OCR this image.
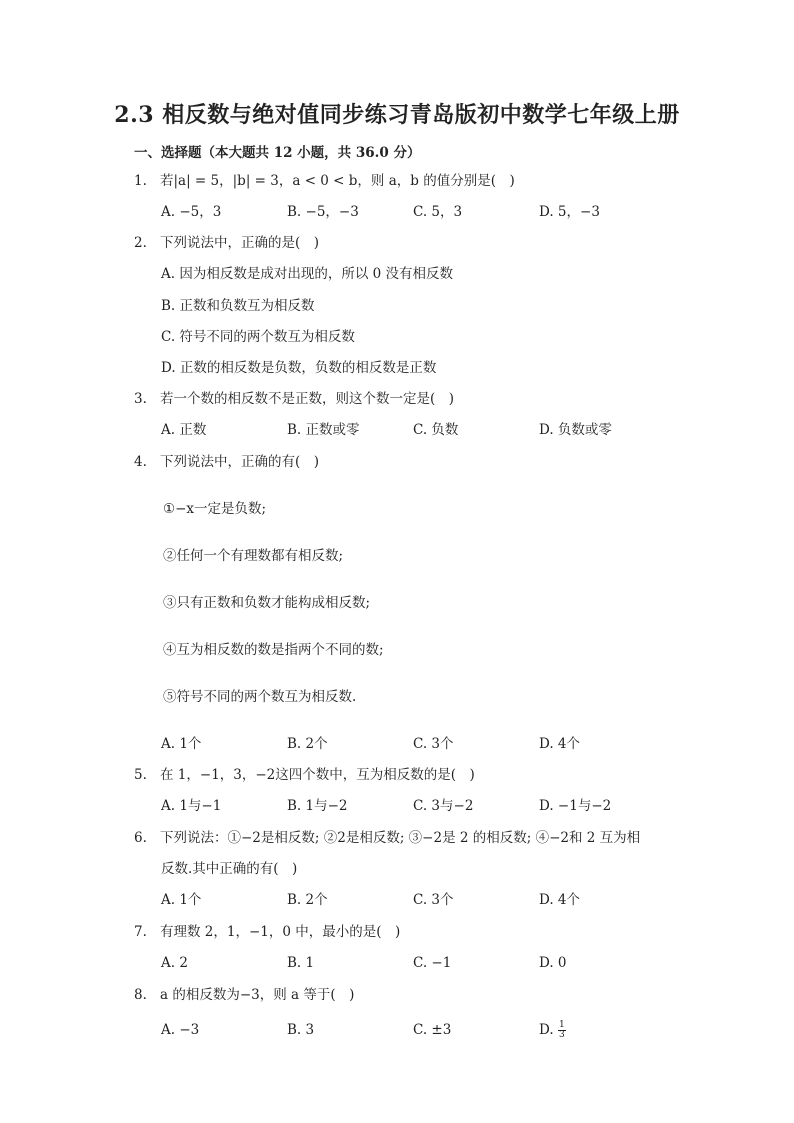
2.3 相反数与绝对值同步练习青岛版初中数学七年级上册
一、选择题（本大题共 12 小题，共 36.0 分）
1. 若|a| = 5，|b| = 3，a < 0 < b，则 a，b 的值分别是(　)
A. −5，3	B. −5，−3	C. 5，3	D. 5，−3
2. 下列说法中，正确的是(　)
A. 因为相反数是成对出现的，所以 0 没有相反数
B. 正数和负数互为相反数
C. 符号不同的两个数互为相反数
D. 正数的相反数是负数，负数的相反数是正数
3. 若一个数的相反数不是正数，则这个数一定是(　)
A. 正数	B. 正数或零	C. 负数	D. 负数或零
4. 下列说法中，正确的有(　)
①−x一定是负数;
②任何一个有理数都有相反数;
③只有正数和负数才能构成相反数;
④互为相反数的数是指两个不同的数;
⑤符号不同的两个数互为相反数.
A. 1个	B. 2个	C. 3个	D. 4个
5. 在 1，−1，3，−2这四个数中，互为相反数的是(　)
A. 1与−1	B. 1与−2	C. 3与−2	D. −1与−2
6. 下列说法：①−2是相反数; ②2是相反数; ③−2是 2 的相反数; ④−2和 2 互为相
反数.其中正确的有(　)
A. 1个	B. 2个	C. 3个	D. 4个
7. 有理数 2，1，−1，0 中，最小的是(　)
A. 2	B. 1	C. −1	D. 0
8. a 的相反数为−3，则 a 等于(　)
A. −3	B. 3	C. ±3	D. $\frac{1}{3}$
